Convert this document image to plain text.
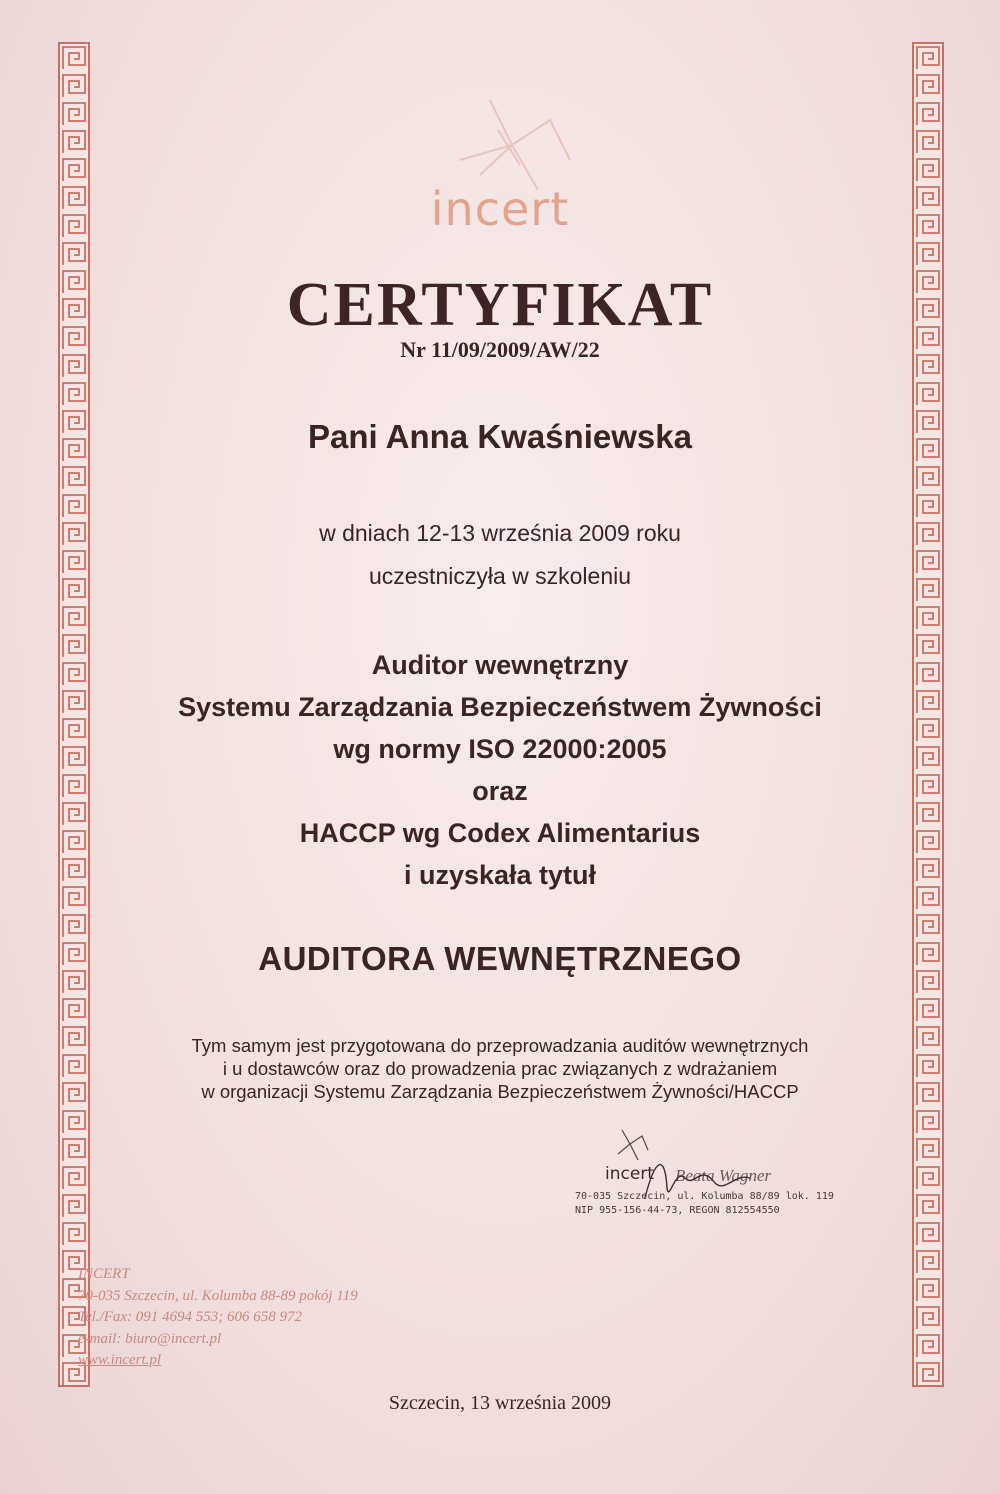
incert
CERTYFIKAT
Nr 11/09/2009/AW/22
Pani Anna Kwaśniewska
w dniach 12-13 września 2009 roku
uczestniczyła w szkoleniu
Auditor wewnętrzny
Systemu Zarządzania Bezpieczeństwem Żywności
wg normy ISO 22000:2005
oraz
HACCP wg Codex Alimentarius
i uzyskała tytuł
AUDITORA WEWNĘTRZNEGO
Tym samym jest przygotowana do przeprowadzania auditów wewnętrznych
i u dostawców oraz do prowadzenia prac związanych z wdrażaniem
w organizacji Systemu Zarządzania Bezpieczeństwem Żywności/HACCP
incert Beata Wagner
70-035 Szczecin, ul. Kolumba 88/89 lok. 119
NIP 955-156-44-73, REGON 812554550
INCERT
70-035 Szczecin, ul. Kolumba 88-89 pokój 119
Tel./Fax: 091 4694 553; 606 658 972
e-mail: biuro@incert.pl
www.incert.pl
Szczecin, 13 września 2009
